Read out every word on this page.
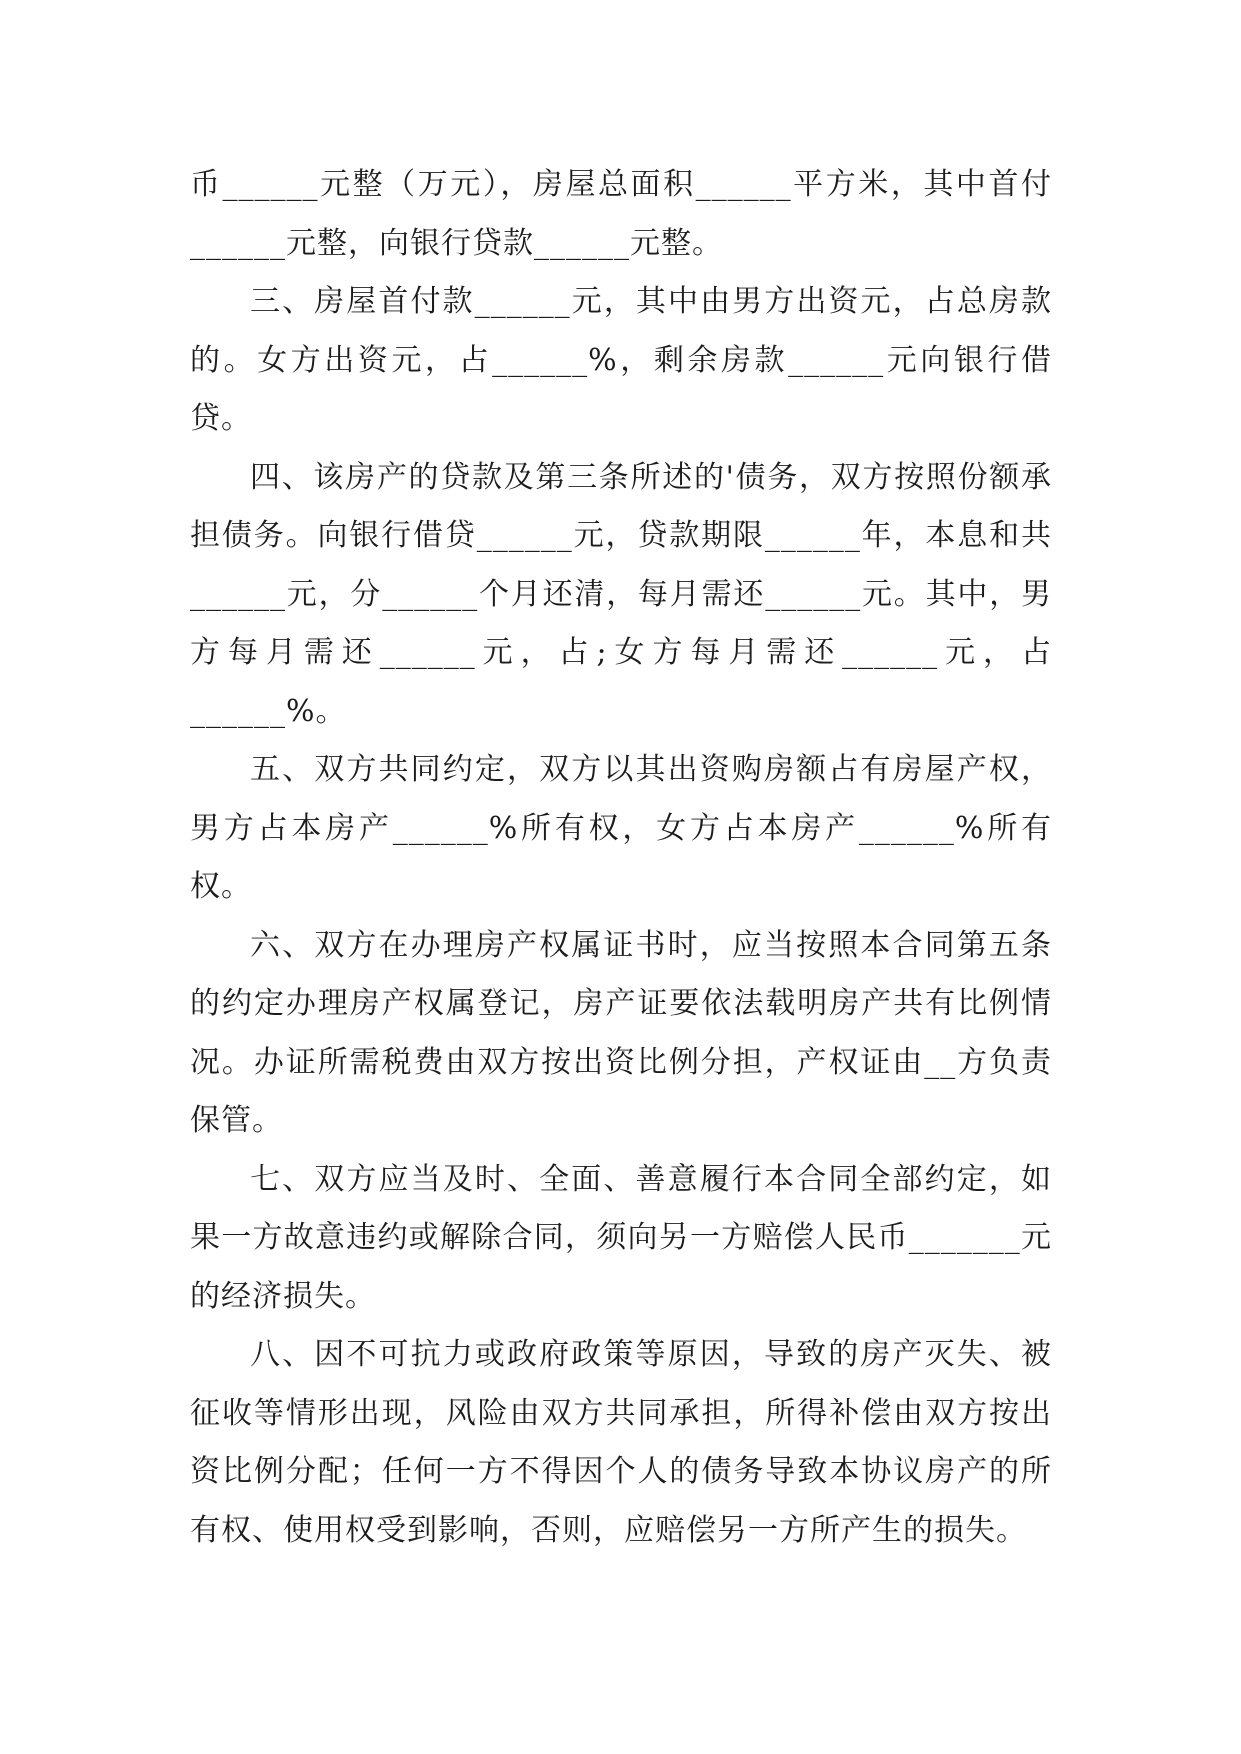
币______元整（万元），房屋总面积______平方米，其中首付______元整，向银行贷款______元整。

三、房屋首付款______元，其中由男方出资元，占总房款的。女方出资元，占______%，剩余房款______元向银行借贷。

四、该房产的贷款及第三条所述的'债务，双方按照份额承担债务。向银行借贷______元，贷款期限______年，本息和共______元，分______个月还清，每月需还______元。其中，男方每月需还______元，占;女方每月需还______元，占______%。

五、双方共同约定，双方以其出资购房额占有房屋产权，男方占本房产______%所有权，女方占本房产______%所有权。

六、双方在办理房产权属证书时，应当按照本合同第五条的约定办理房产权属登记，房产证要依法载明房产共有比例情况。办证所需税费由双方按出资比例分担，产权证由__方负责保管。

七、双方应当及时、全面、善意履行本合同全部约定，如果一方故意违约或解除合同，须向另一方赔偿人民币_______元的经济损失。

八、因不可抗力或政府政策等原因，导致的房产灭失、被征收等情形出现，风险由双方共同承担，所得补偿由双方按出资比例分配；任何一方不得因个人的债务导致本协议房产的所有权、使用权受到影响，否则，应赔偿另一方所产生的损失。
